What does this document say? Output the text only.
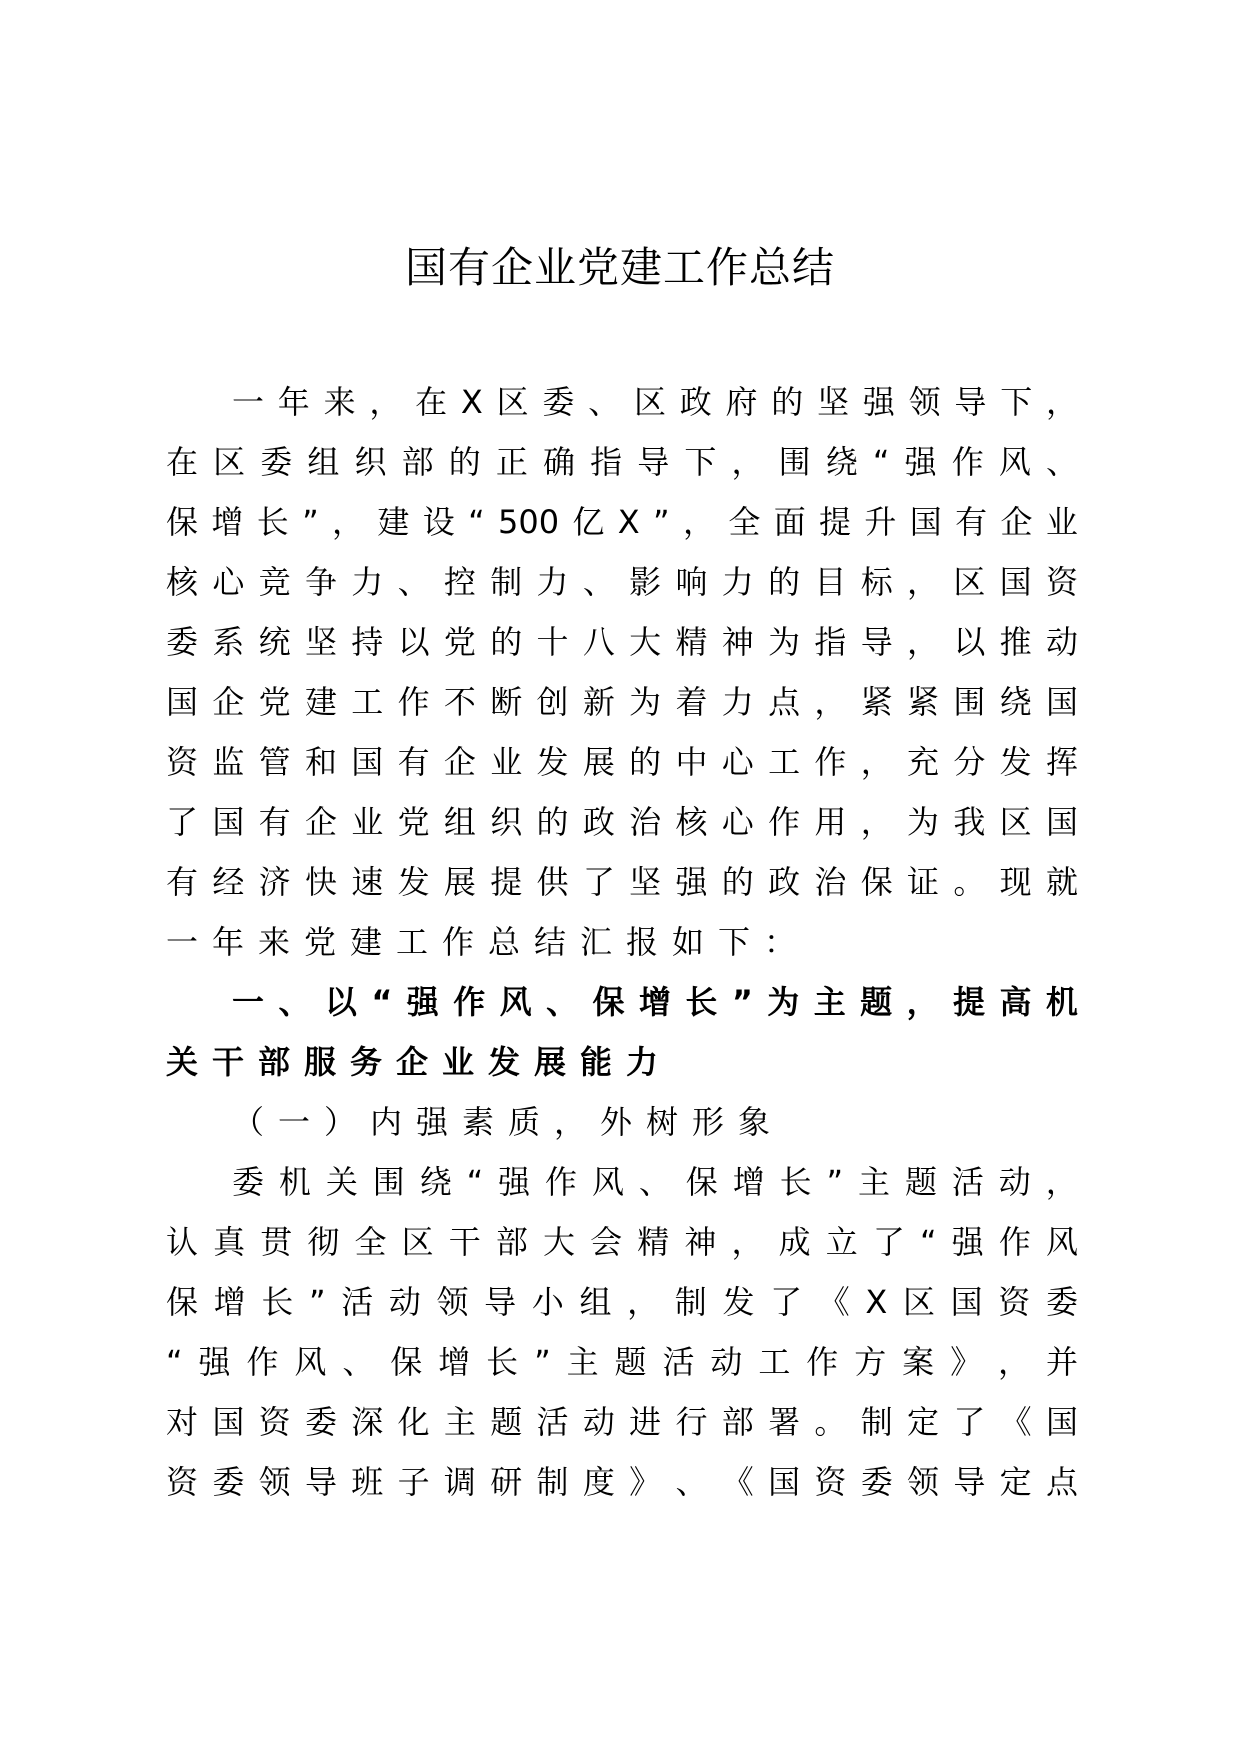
国有企业党建工作总结
一 年 来 ， 在 X 区 委 、 区 政 府 的 坚 强 领 导 下 ，
在 区 委 组 织 部 的 正 确 指 导 下 ， 围 绕 “ 强 作 风 、
保 增 长 ” ， 建 设 “ 500 亿 X ” ， 全 面 提 升 国 有 企 业
核 心 竞 争 力 、 控 制 力 、 影 响 力 的 目 标 ， 区 国 资
委 系 统 坚 持 以 党 的 十 八 大 精 神 为 指 导 ， 以 推 动
国 企 党 建 工 作 不 断 创 新 为 着 力 点 ， 紧 紧 围 绕 国
资 监 管 和 国 有 企 业 发 展 的 中 心 工 作 ， 充 分 发 挥
了 国 有 企 业 党 组 织 的 政 治 核 心 作 用 ， 为 我 区 国
有 经 济 快 速 发 展 提 供 了 坚 强 的 政 治 保 证 。 现 就
一年来党建工作总结汇报如下：
一 、 以 “ 强 作 风 、 保 增 长 ” 为 主 题 ， 提 高 机
关干部服务企业发展能力
（一）内强素质，外树形象
委 机 关 围 绕 “ 强 作 风 、 保 增 长 ” 主 题 活 动 ，
认 真 贯 彻 全 区 干 部 大 会 精 神 ， 成 立 了 “ 强 作 风
保 增 长 ” 活 动 领 导 小 组 ， 制 发 了 《 X 区 国 资 委
“ 强 作 风 、 保 增 长 ” 主 题 活 动 工 作 方 案 》 ， 并
对 国 资 委 深 化 主 题 活 动 进 行 部 署 。 制 定 了 《 国
资 委 领 导 班 子 调 研 制 度 》 、 《 国 资 委 领 导 定 点
